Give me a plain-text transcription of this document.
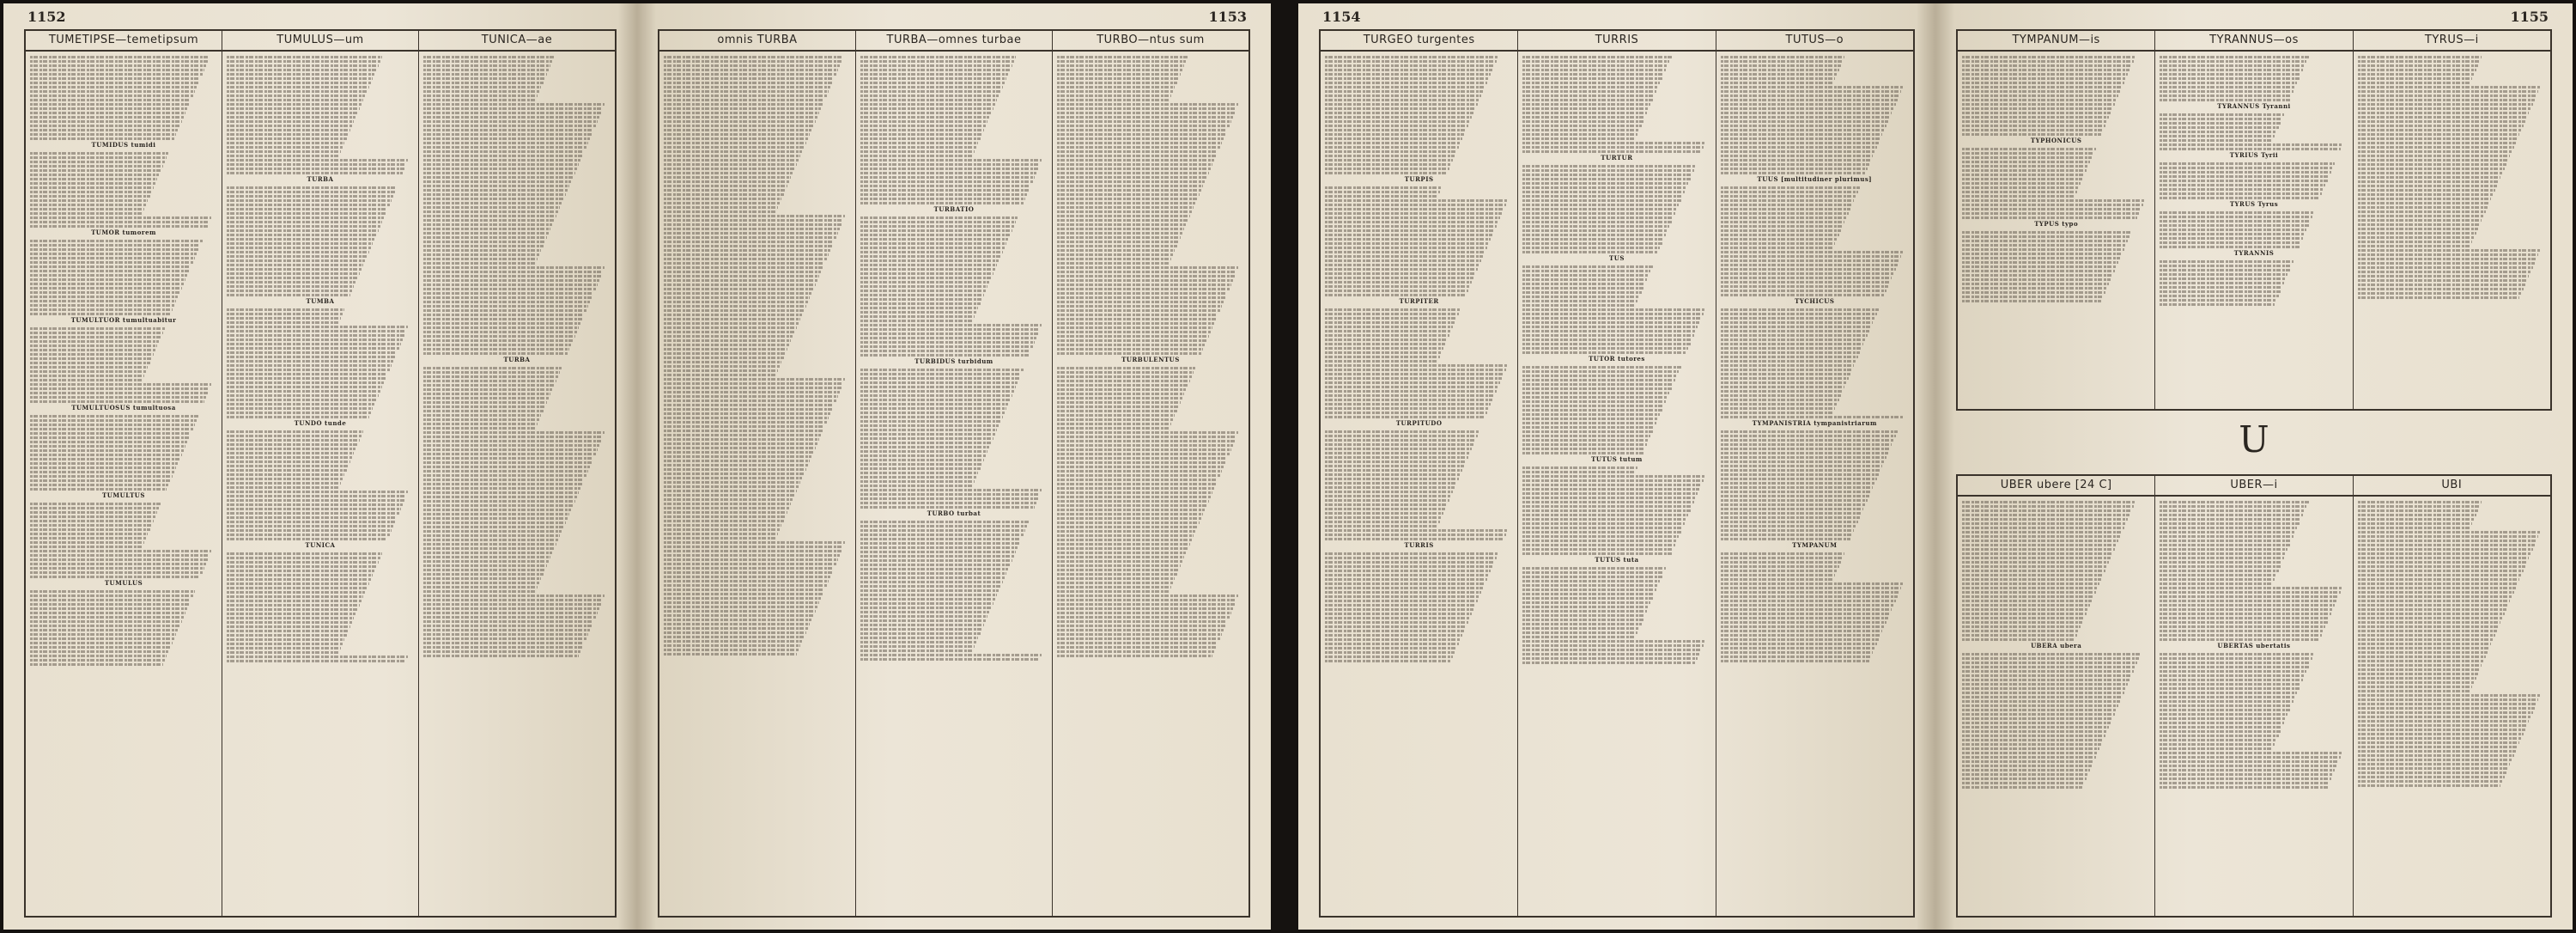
1152
TUMETIPSE—temetipsum
TUMIDUS tumidi
TUMOR tumorem
TUMULTUOR tumultuabitur
TUMULTUOSUS tumultuosa
TUMULTUS
TUMULUS
TUMULUS—um
TURBA
TUMBA
TUNDO tunde
TUNICA
TUNICA—ae
TURBA
1153
omnis TURBA	TURBA—omnes turbae
TURBATIO
TURBIDUS turbidum
TURBO turbat
TURBO—ntus sum
TURBULENTUS
1154
TURGEO turgentes
TURPIS
TURPITER
TURPITUDO
TURRIS
TURRIS
TURTUR
TUS
TUTOR tutores
TUTUS tutum
TUTUS tuta
TUTUS—o
TUUS [multitudiner plurimus]
TYCHICUS
TYMPANISTRIA tympanistriarum
TYMPANUM
1155
TYMPANUM—is
TYPHONICUS
TYPUS typo
TYRANNUS—os
TYRANNUS Tyranni
TYRIUS Tyrii
TYRUS Tyrus
TYRANNIS
TYRUS—i
U
UBER ubere [24 C]
UBERA ubera
UBER—i
UBERTAS ubertatis
UBI
